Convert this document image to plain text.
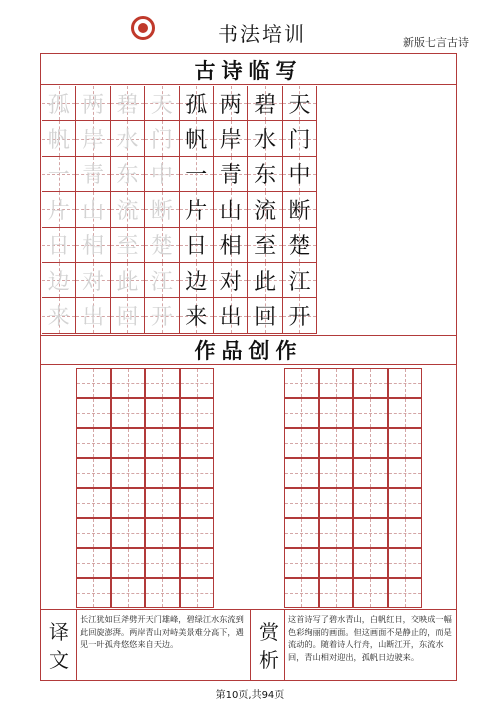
书法培训	新版七言古诗
古诗临写
孤
帆
一
片
日
边
来
两
岸
青
山
相
对
出
碧
水
东
流
至
此
回
天
门
中
断
楚
江
开
孤
帆
一
片
日
边
来
两
岸
青
山
相
对
出
碧
水
东
流
至
此
回
天
门
中
断
楚
江
开
作品创作
译文
长江犹如巨斧劈开天门雄峰，碧绿江水东流到此回旋澎湃。两岸青山对峙美景难分高下，遇见一叶孤舟悠悠来自天边。	赏析
这首诗写了碧水青山，白帆红日，交映成一幅色彩绚丽的画面。但这画面不是静止的，而是流动的。随着诗人行舟，山断江开，东流水回，青山相对迎出，孤帆日边驶来。
第10页,共94页
